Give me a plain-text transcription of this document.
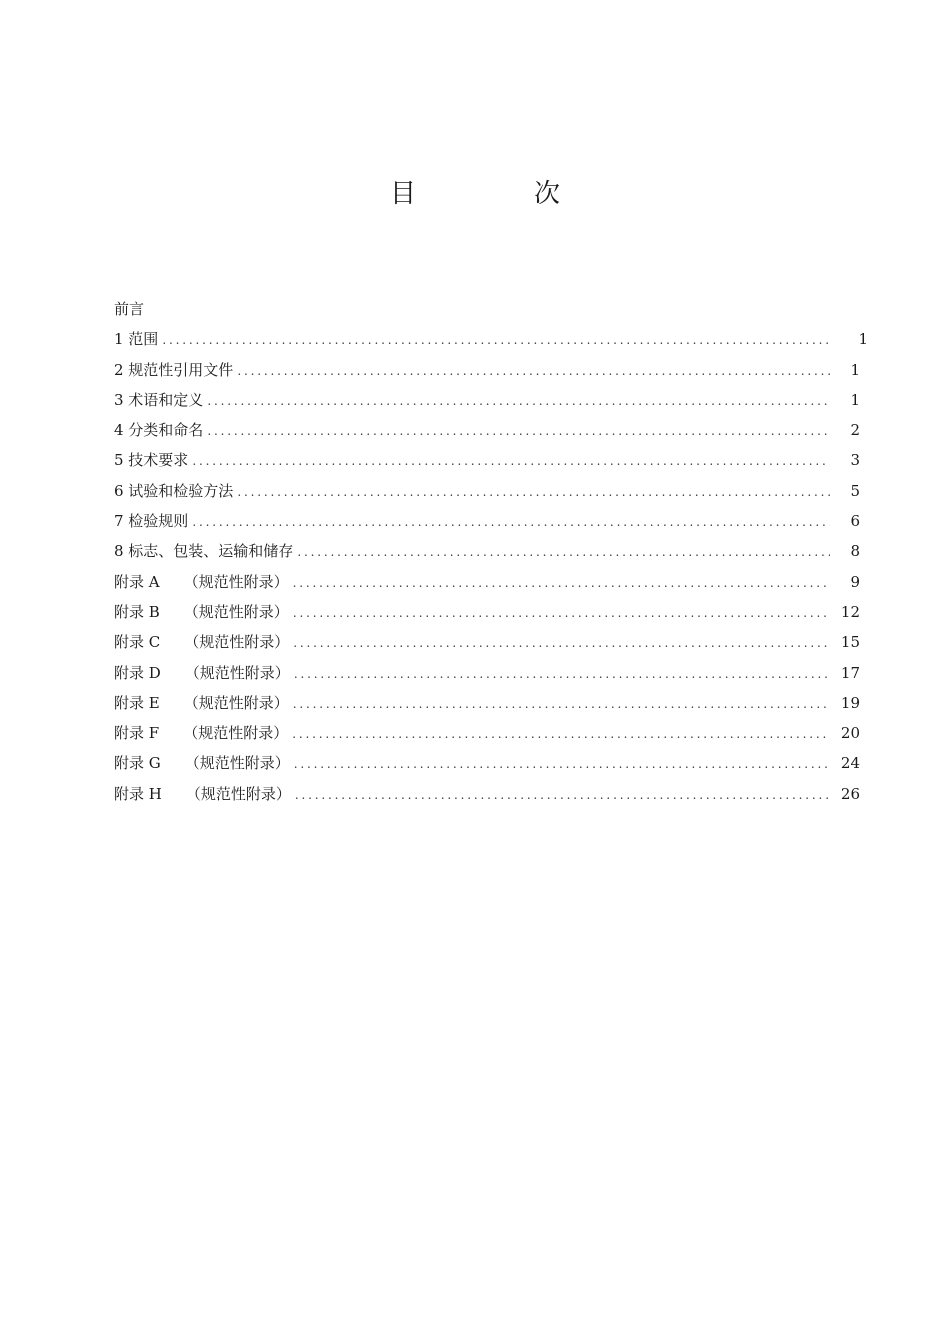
目　次
前言
1 范围 . . .	1
2 规范性引用文件 . . .	1
3 术语和定义 . . .	1
4 分类和命名 . . .	2
5 技术要求 . . .	3
6 试验和检验方法 . . .	5
7 检验规则 . . .	6
8 标志、包装、运输和储存 . . .	8
附录 A （规范性附录） . . .	9
附录 B （规范性附录） . . .	12
附录 C （规范性附录） . . .	15
附录 D （规范性附录） . . .	17
附录 E （规范性附录） . . .	19
附录 F （规范性附录） . . .	20
附录 G （规范性附录） . . .	24
附录 H （规范性附录） . . .	26
